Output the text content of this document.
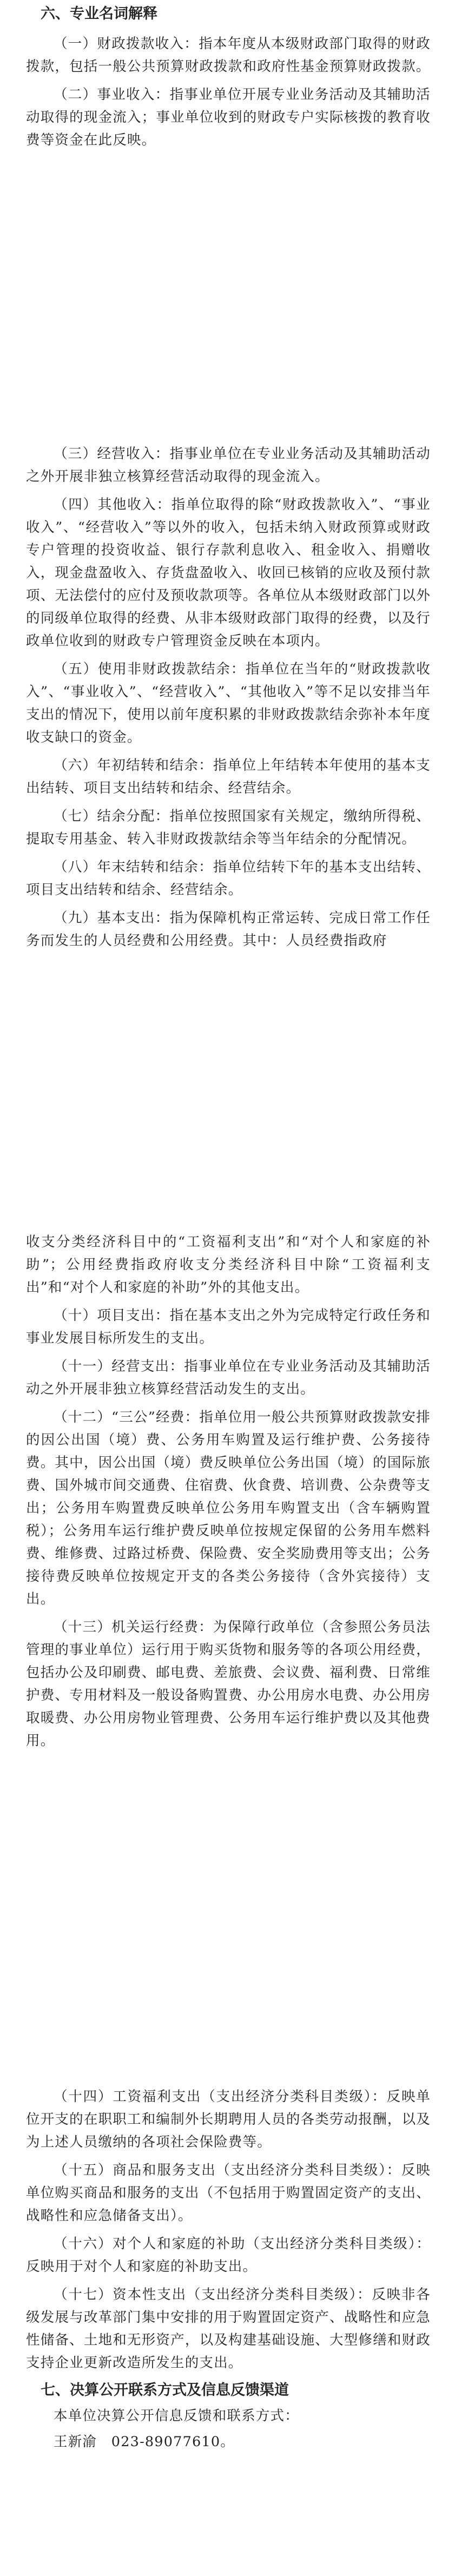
六、专业名词解释

（一）财政拨款收入：指本年度从本级财政部门取得的财政拨款，包括一般公共预算财政拨款和政府性基金预算财政拨款。

（二）事业收入：指事业单位开展专业业务活动及其辅助活动取得的现金流入；事业单位收到的财政专户实际核拨的教育收费等资金在此反映。

（三）经营收入：指事业单位在专业业务活动及其辅助活动之外开展非独立核算经营活动取得的现金流入。

（四）其他收入：指单位取得的除“财政拨款收入”、“事业收入”、“经营收入”等以外的收入，包括未纳入财政预算或财政专户管理的投资收益、银行存款利息收入、租金收入、捐赠收入，现金盘盈收入、存货盘盈收入、收回已核销的应收及预付款项、无法偿付的应付及预收款项等。各单位从本级财政部门以外的同级单位取得的经费、从非本级财政部门取得的经费，以及行政单位收到的财政专户管理资金反映在本项内。

（五）使用非财政拨款结余：指单位在当年的“财政拨款收入”、“事业收入”、“经营收入”、“其他收入”等不足以安排当年支出的情况下，使用以前年度积累的非财政拨款结余弥补本年度收支缺口的资金。

（六）年初结转和结余：指单位上年结转本年使用的基本支出结转、项目支出结转和结余、经营结余。

（七）结余分配：指单位按照国家有关规定，缴纳所得税、提取专用基金、转入非财政拨款结余等当年结余的分配情况。

（八）年末结转和结余：指单位结转下年的基本支出结转、项目支出结转和结余、经营结余。

（九）基本支出：指为保障机构正常运转、完成日常工作任务而发生的人员经费和公用经费。其中：人员经费指政府

收支分类经济科目中的“工资福利支出”和“对个人和家庭的补助”；公用经费指政府收支分类经济科目中除“工资福利支出”和“对个人和家庭的补助”外的其他支出。

（十）项目支出：指在基本支出之外为完成特定行政任务和事业发展目标所发生的支出。

（十一）经营支出：指事业单位在专业业务活动及其辅助活动之外开展非独立核算经营活动发生的支出。

（十二）“三公”经费：指单位用一般公共预算财政拨款安排的因公出国（境）费、公务用车购置及运行维护费、公务接待费。其中，因公出国（境）费反映单位公务出国（境）的国际旅费、国外城市间交通费、住宿费、伙食费、培训费、公杂费等支出；公务用车购置费反映单位公务用车购置支出（含车辆购置税）；公务用车运行维护费反映单位按规定保留的公务用车燃料费、维修费、过路过桥费、保险费、安全奖励费用等支出；公务接待费反映单位按规定开支的各类公务接待（含外宾接待）支出。

（十三）机关运行经费：为保障行政单位（含参照公务员法管理的事业单位）运行用于购买货物和服务等的各项公用经费，包括办公及印刷费、邮电费、差旅费、会议费、福利费、日常维护费、专用材料及一般设备购置费、办公用房水电费、办公用房取暖费、办公用房物业管理费、公务用车运行维护费以及其他费用。

（十四）工资福利支出（支出经济分类科目类级）：反映单位开支的在职职工和编制外长期聘用人员的各类劳动报酬，以及为上述人员缴纳的各项社会保险费等。

（十五）商品和服务支出（支出经济分类科目类级）：反映单位购买商品和服务的支出（不包括用于购置固定资产的支出、战略性和应急储备支出）。

（十六）对个人和家庭的补助（支出经济分类科目类级）：反映用于对个人和家庭的补助支出。

（十七）资本性支出（支出经济分类科目类级）：反映非各级发展与改革部门集中安排的用于购置固定资产、战略性和应急性储备、土地和无形资产，以及构建基础设施、大型修缮和财政支持企业更新改造所发生的支出。

七、决算公开联系方式及信息反馈渠道

本单位决算公开信息反馈和联系方式：

王新渝　023-89077610。
